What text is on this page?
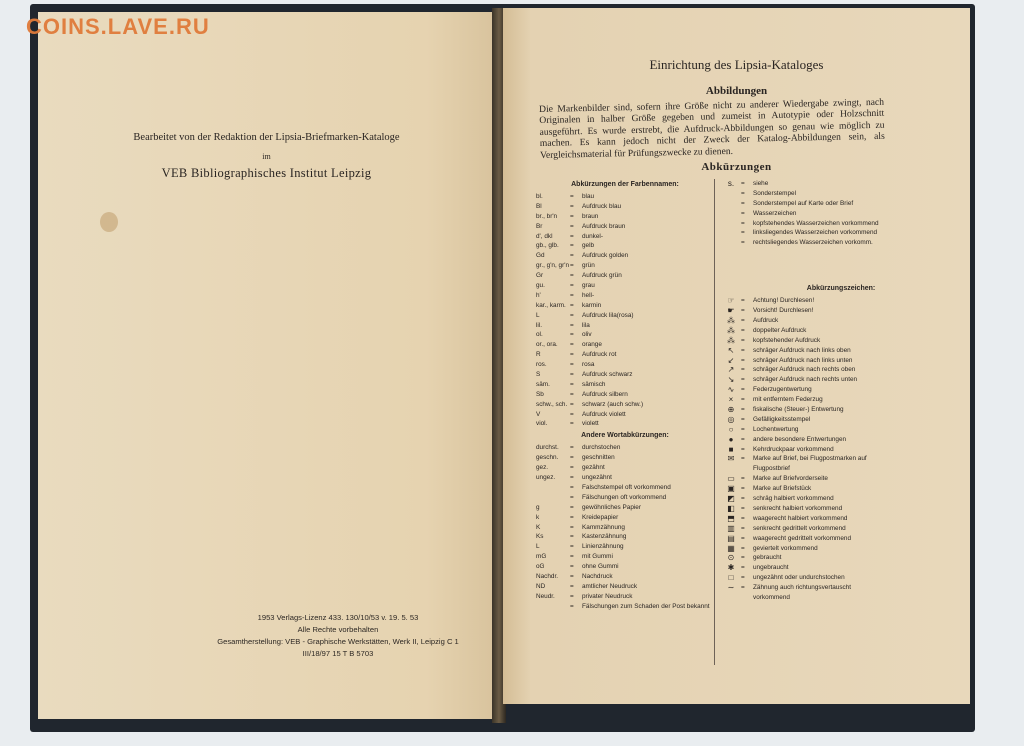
Bearbeitet von der Redaktion der Lipsia-Briefmarken-Kataloge
im
VEB Bibliographisches Institut Leipzig
1953 Verlags-Lizenz 433. 130/10/53 v. 19. 5. 53
Alle Rechte vorbehalten
Gesamtherstellung: VEB - Graphische Werkstätten, Werk II, Leipzig C 1
III/18/97 15 T B 5703
Einrichtung des Lipsia-Kataloges
Abbildungen
Die Markenbilder sind, sofern ihre Größe nicht zu anderer Wiedergabe zwingt, nach Originalen in halber Größe gegeben und zumeist in Autotypie oder Holzschnitt ausgeführt. Es wurde erstrebt, die Aufdruck-Abbildungen so genau wie möglich zu machen. Es kann jedoch nicht der Zweck der Katalog-Abbildungen sein, als Vergleichsmaterial für Prüfungszwecke zu dienen.
Abkürzungen
Abkürzungen der Farbennamen:
bl.	=	blau
Bl	=	Aufdruck blau
br., br'n	=	braun
Br	=	Aufdruck braun
d', dkl	=	dunkel-
gb., glb.	=	gelb
Gd	=	Aufdruck golden
gr., g'n, gr'n =	grün
Gr	=	Aufdruck grün
gu.	=	grau
h'	=	hell-
kar., karm. =	karmin
L	=	Aufdruck lila(rosa)
lil.	=	lila
ol.	=	oliv
or., ora.	=	orange
R	=	Aufdruck rot
ros.	=	rosa
S	=	Aufdruck schwarz
säm.	=	sämisch
Sb	=	Aufdruck silbern
schw., sch. =	schwarz (auch schw.)
V	=	Aufdruck violett
viol.	=	violett
Andere Wortabkürzungen:
durchst.	=	durchstochen
geschn.	=	geschnitten
gez.	=	gezähnt
ungez.	=	ungezähnt
=	Falschstempel oft vorkommend
=	Fälschungen oft vorkommend
g	=	gewöhnliches Papier
k	=	Kreidepapier
K	=	Kammzähnung
Ks	=	Kastenzähnung
L	=	Linienzähnung
mG	=	mit Gummi
oG	=	ohne Gummi
Nachdr.	=	Nachdruck
ND	=	amtlicher Neudruck
Neudr.	=	privater Neudruck
=	Fälschungen zum Schaden der Post bekannt
s.	=	siehe
=	Sonderstempel
=	Sonderstempel auf Karte oder Brief
=	Wasserzeichen
=	kopfstehendes Wasserzeichen vorkommend
=	linksliegendes Wasserzeichen vorkommend
=	rechtsliegendes Wasserzeichen vorkomm.
Abkürzungszeichen:
☞	=	Achtung! Durchlesen!
☛	=	Vorsicht! Durchlesen!
⁂ =	Aufdruck
⁂ =	doppelter Aufdruck
⁂ =	kopfstehender Aufdruck
↖	=	schräger Aufdruck nach links oben
↙	=	schräger Aufdruck nach links unten
↗	=	schräger Aufdruck nach rechts oben
↘	=	schräger Aufdruck nach rechts unten
∿	=	Federzugentwertung
×	=	mit entferntem Federzug
⊕	=	fiskalische (Steuer-) Entwertung
◎	=	Gefälligkeitsstempel
○	=	Lochentwertung
●	=	andere besondere Entwertungen
■	=	Kehrdruckpaar vorkommend
✉	=	Marke auf Brief, bei Flugpostmarken auf
Flugpostbrief
▭ =	Marke auf Briefvorderseite
▣ =	Marke auf Briefstück
◩ =	schräg halbiert vorkommend
◧ =	senkrecht halbiert vorkommend
⬒ =	waagerecht halbiert vorkommend
▥ =	senkrecht gedrittelt vorkommend
▤ =	waagerecht gedrittelt vorkommend
▦ =	geviertelt vorkommend
⊙	=	gebraucht
✱	=	ungebraucht
□	=	ungezähnt oder undurchstochen
∼	=	Zähnung auch richtungsvertauscht
vorkommend
COINS.LAVE.RU
